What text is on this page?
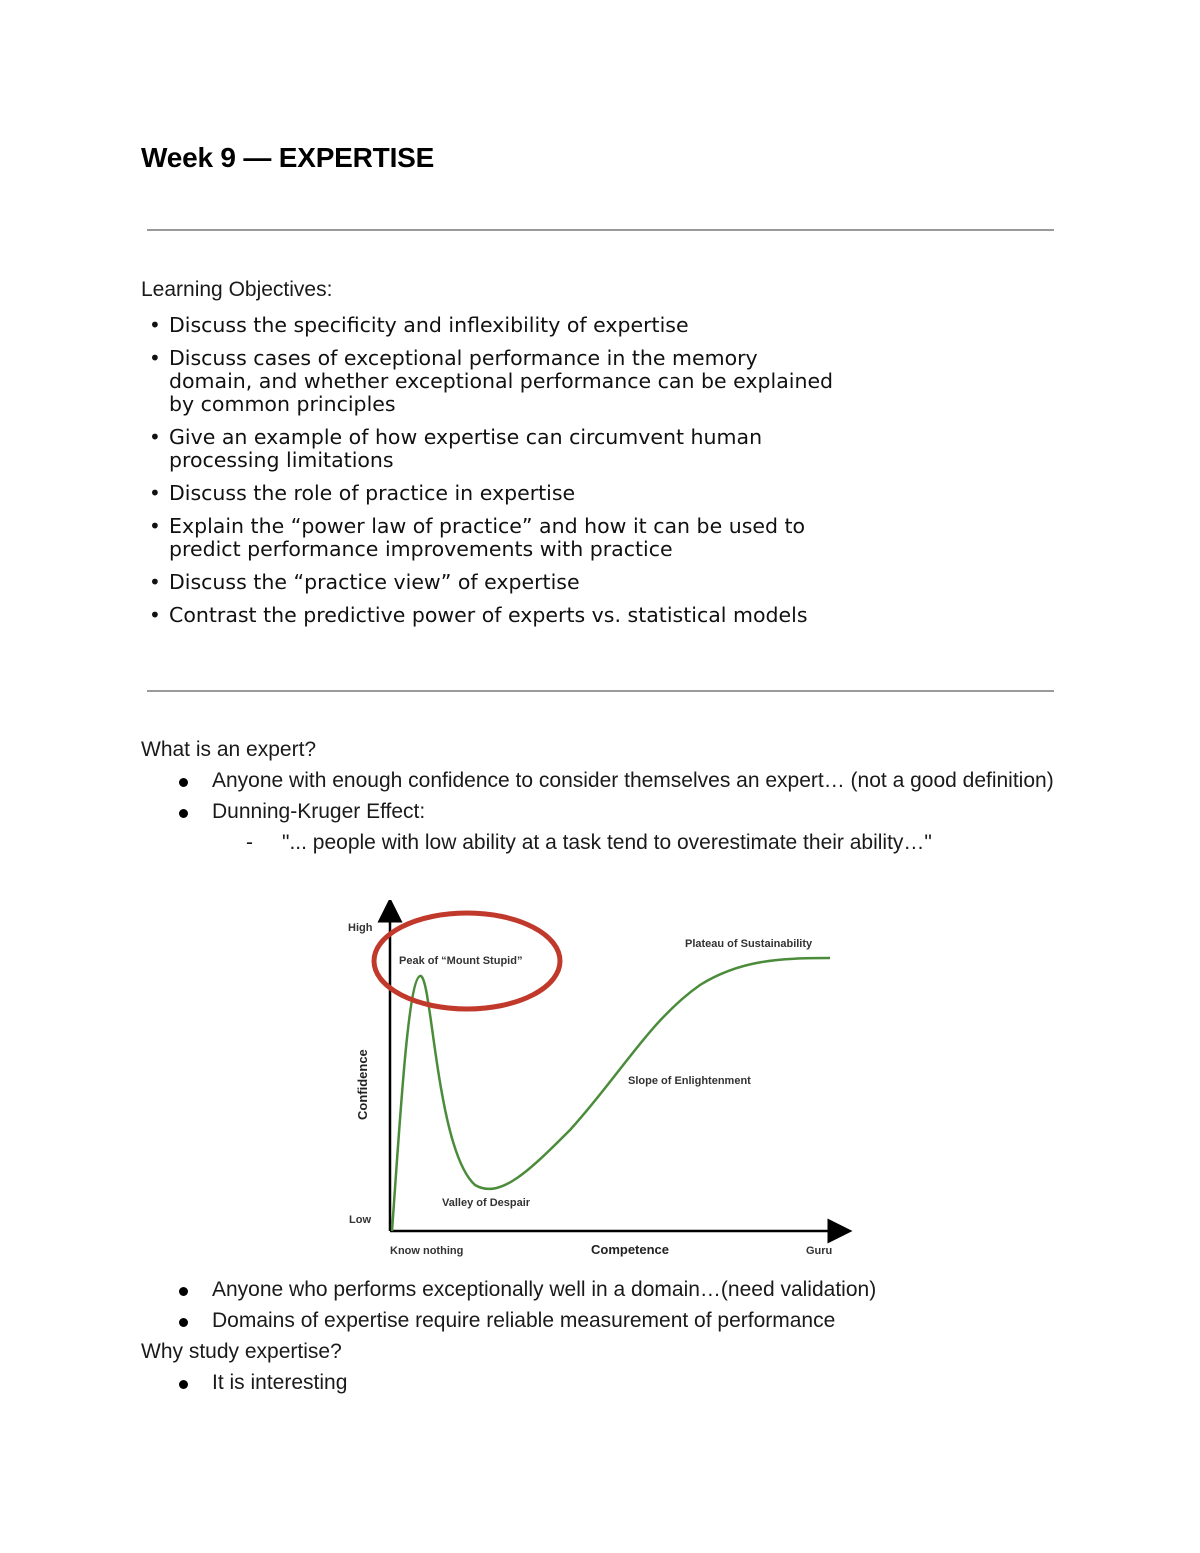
Week 9 — EXPERTISE

Learning Objectives:

• Discuss the specificity and inflexibility of expertise
• Discuss cases of exceptional performance in the memory domain, and whether exceptional performance can be explained by common principles
• Give an example of how expertise can circumvent human processing limitations
• Discuss the role of practice in expertise
• Explain the “power law of practice” and how it can be used to predict performance improvements with practice
• Discuss the “practice view” of expertise
• Contrast the predictive power of experts vs. statistical models

What is an expert?

Anyone with enough confidence to consider themselves an expert… (not a good definition)
Dunning-Kruger Effect:
- "... people with low ability at a task tend to overestimate their ability…"
High
Low
Confidence
Competence
Know nothing	Guru
Peak of “Mount Stupid”
Valley of Despair
Slope of Enlightenment
Plateau of Sustainability
Anyone who performs exceptionally well in a domain…(need validation)
Domains of expertise require reliable measurement of performance

Why study expertise?

It is interesting
